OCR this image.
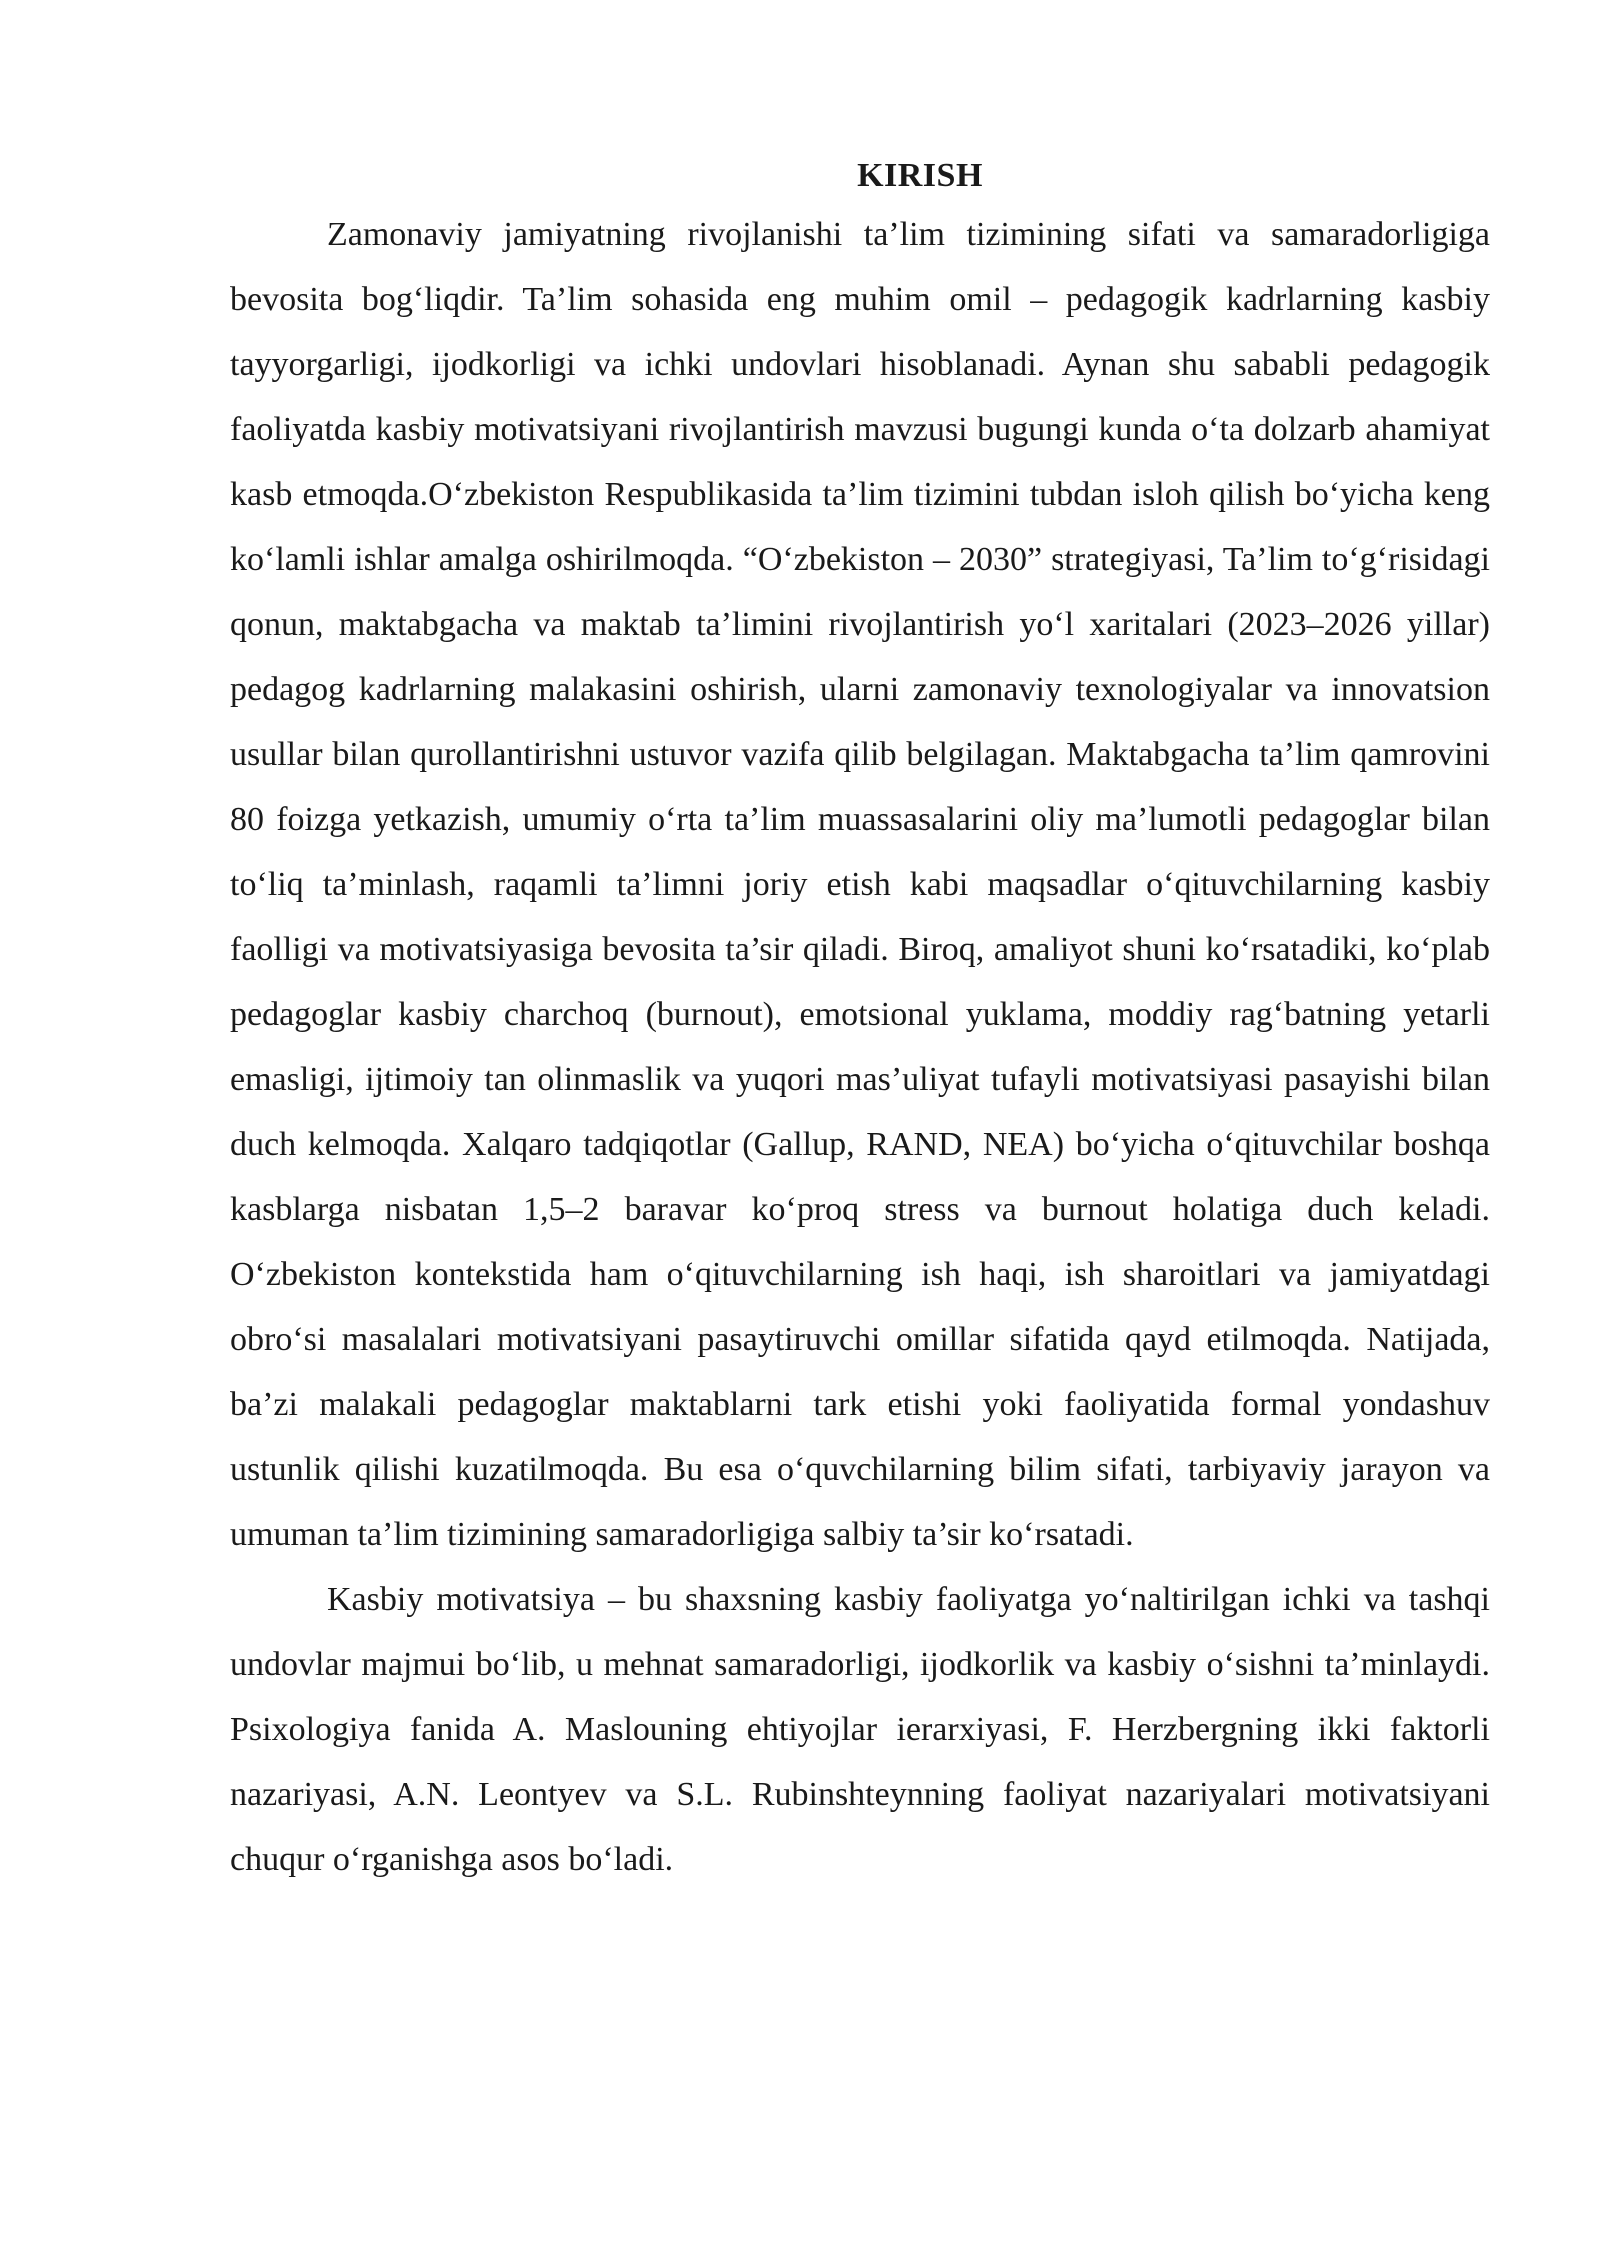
KIRISH

Zamonaviy jamiyatning rivojlanishi ta’lim tizimining sifati va samaradorligiga bevosita bog‘liqdir. Ta’lim sohasida eng muhim omil – pedagogik kadrlarning kasbiy tayyorgarligi, ijodkorligi va ichki undovlari hisoblanadi. Aynan shu sababli pedagogik faoliyatda kasbiy motivatsiyani rivojlantirish mavzusi bugungi kunda o‘ta dolzarb ahamiyat kasb etmoqda.O‘zbekiston Respublikasida ta’lim tizimini tubdan isloh qilish bo‘yicha keng ko‘lamli ishlar amalga oshirilmoqda. “O‘zbekiston – 2030” strategiyasi, Ta’lim to‘g‘risidagi qonun, maktabgacha va maktab ta’limini rivojlantirish yo‘l xaritalari (2023–2026 yillar) pedagog kadrlarning malakasini oshirish, ularni zamonaviy texnologiyalar va innovatsion usullar bilan qurollantirishni ustuvor vazifa qilib belgilagan. Maktabgacha ta’lim qamrovini 80 foizga yetkazish, umumiy o‘rta ta’lim muassasalarini oliy ma’lumotli pedagoglar bilan to‘liq ta’minlash, raqamli ta’limni joriy etish kabi maqsadlar o‘qituvchilarning kasbiy faolligi va motivatsiyasiga bevosita ta’sir qiladi. Biroq, amaliyot shuni ko‘rsatadiki, ko‘plab pedagoglar kasbiy charchoq (burnout), emotsional yuklama, moddiy rag‘batning yetarli emasligi, ijtimoiy tan olinmaslik va yuqori mas’uliyat tufayli motivatsiyasi pasayishi bilan duch kelmoqda. Xalqaro tadqiqotlar (Gallup, RAND, NEA) bo‘yicha o‘qituvchilar boshqa kasblarga nisbatan 1,5–2 baravar ko‘proq stress va burnout holatiga duch keladi. O‘zbekiston kontekstida ham o‘qituvchilarning ish haqi, ish sharoitlari va jamiyatdagi obro‘si masalalari motivatsiyani pasaytiruvchi omillar sifatida qayd etilmoqda. Natijada, ba’zi malakali pedagoglar maktablarni tark etishi yoki faoliyatida formal yondashuv ustunlik qilishi kuzatilmoqda. Bu esa o‘quvchilarning bilim sifati, tarbiyaviy jarayon va umuman ta’lim tizimining samaradorligiga salbiy ta’sir ko‘rsatadi.

Kasbiy motivatsiya – bu shaxsning kasbiy faoliyatga yo‘naltirilgan ichki va tashqi undovlar majmui bo‘lib, u mehnat samaradorligi, ijodkorlik va kasbiy o‘sishni ta’minlaydi. Psixologiya fanida A. Maslouning ehtiyojlar ierarxiyasi, F. Herzbergning ikki faktorli nazariyasi, A.N. Leontyev va S.L. Rubinshteynning faoliyat nazariyalari motivatsiyani chuqur o‘rganishga asos bo‘ladi.
